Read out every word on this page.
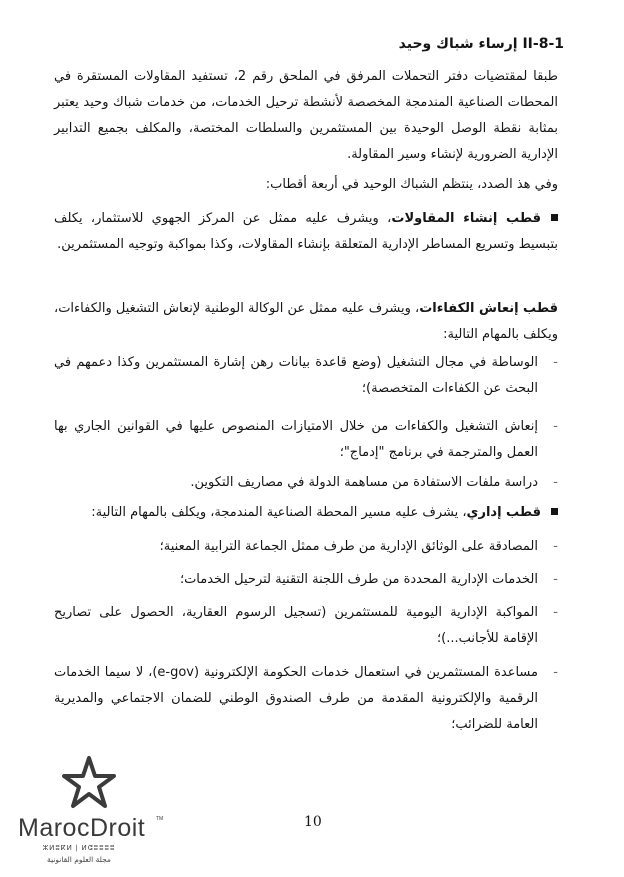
8-1-II إرساء شباك وحيد
طبقا لمقتضيات دفتر التحملات المرفق في الملحق رقم 2، تستفيد المقاولات المستقرة في المحطات الصناعية المندمجة المخصصة لأنشطة ترحيل الخدمات، من خدمات شباك وحيد يعتبر بمثابة نقطة الوصل الوحيدة بين المستثمرين والسلطات المختصة، والمكلف بجميع التدابير الإدارية الضرورية لإنشاء وسير المقاولة.
وفي هذ الصدد، ينتظم الشباك الوحيد في أربعة أقطاب:
قطب إنشاء المقاولات، ويشرف عليه ممثل عن المركز الجهوي للاستثمار، يكلف بتبسيط وتسريع المساطر الإدارية المتعلقة بإنشاء المقاولات، وكذا بمواكبة وتوجيه المستثمرين.
قطب إنعاش الكفاءات، ويشرف عليه ممثل عن الوكالة الوطنية لإنعاش التشغيل والكفاءات، ويكلف بالمهام التالية:
-
الوساطة في مجال التشغيل (وضع قاعدة بيانات رهن إشارة المستثمرين وكذا دعمهم في البحث عن الكفاءات المتخصصة)؛
-
إنعاش التشغيل والكفاءات من خلال الامتيازات المنصوص عليها في القوانين الجاري بها العمل والمترجمة في برنامج "إدماج"؛
-
دراسة ملفات الاستفادة من مساهمة الدولة في مصاريف التكوين.
قطب إداري، يشرف عليه مسير المحطة الصناعية المندمجة، ويكلف بالمهام التالية:
-
المصادقة على الوثائق الإدارية من طرف ممثل الجماعة الترابية المعنية؛
-
الخدمات الإدارية المحددة من طرف اللجنة التقنية لترحيل الخدمات؛
-
المواكبة الإدارية اليومية للمستثمرين (تسجيل الرسوم العقارية، الحصول على تصاريح الإقامة للأجانب...)؛
-
مساعدة المستثمرين في استعمال خدمات الحكومة الإلكترونية (e-gov)، لا سيما الخدمات الرقمية والإلكترونية المقدمة من طرف الصندوق الوطني للضمان الاجتماعي والمديرية العامة للضرائب؛
10
MarocDroit	TM
ⵣⵍⵓⴽⵍ | ⵍⵛⵓⵓⵓⵓ
مجلة العلوم القانونية
